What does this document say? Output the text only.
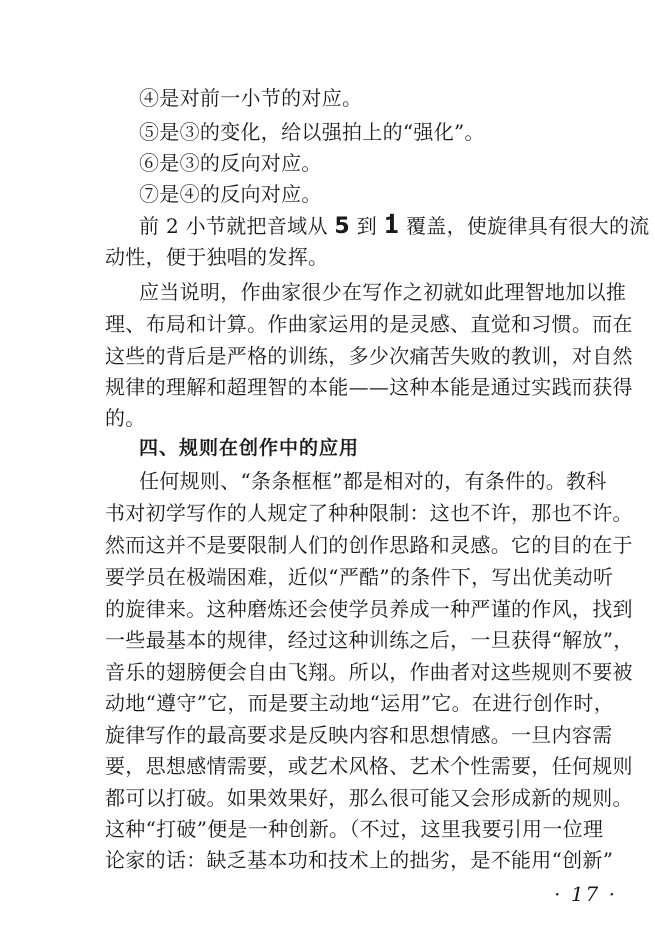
④是对前一小节的对应。
⑤是③的变化，给以强拍上的“强化”。
⑥是③的反向对应。
⑦是④的反向对应。
前 2 小节就把音域从 5 到 . 1 覆盖，使旋律具有很大的流
动性，便于独唱的发挥。
应当说明，作曲家很少在写作之初就如此理智地加以推
理、布局和计算。作曲家运用的是灵感、直觉和习惯。而在
这些的背后是严格的训练，多少次痛苦失败的教训，对自然
规律的理解和超理智的本能——这种本能是通过实践而获得
的。
四、规则在创作中的应用
任何规则、“条条框框”都是相对的，有条件的。教科
书对初学写作的人规定了种种限制：这也不许，那也不许。
然而这并不是要限制人们的创作思路和灵感。它的目的在于
要学员在极端困难，近似“严酷”的条件下，写出优美动听
的旋律来。这种磨炼还会使学员养成一种严谨的作风，找到
一些最基本的规律，经过这种训练之后，一旦获得“解放”，
音乐的翅膀便会自由飞翔。所以，作曲者对这些规则不要被
动地“遵守”它，而是要主动地“运用”它。在进行创作时，
旋律写作的最高要求是反映内容和思想情感。一旦内容需
要，思想感情需要，或艺术风格、艺术个性需要，任何规则
都可以打破。如果效果好，那么很可能又会形成新的规则。
这种“打破”便是一种创新。（不过，这里我要引用一位理
论家的话：缺乏基本功和技术上的拙劣，是不能用“创新”
· 17 ·
